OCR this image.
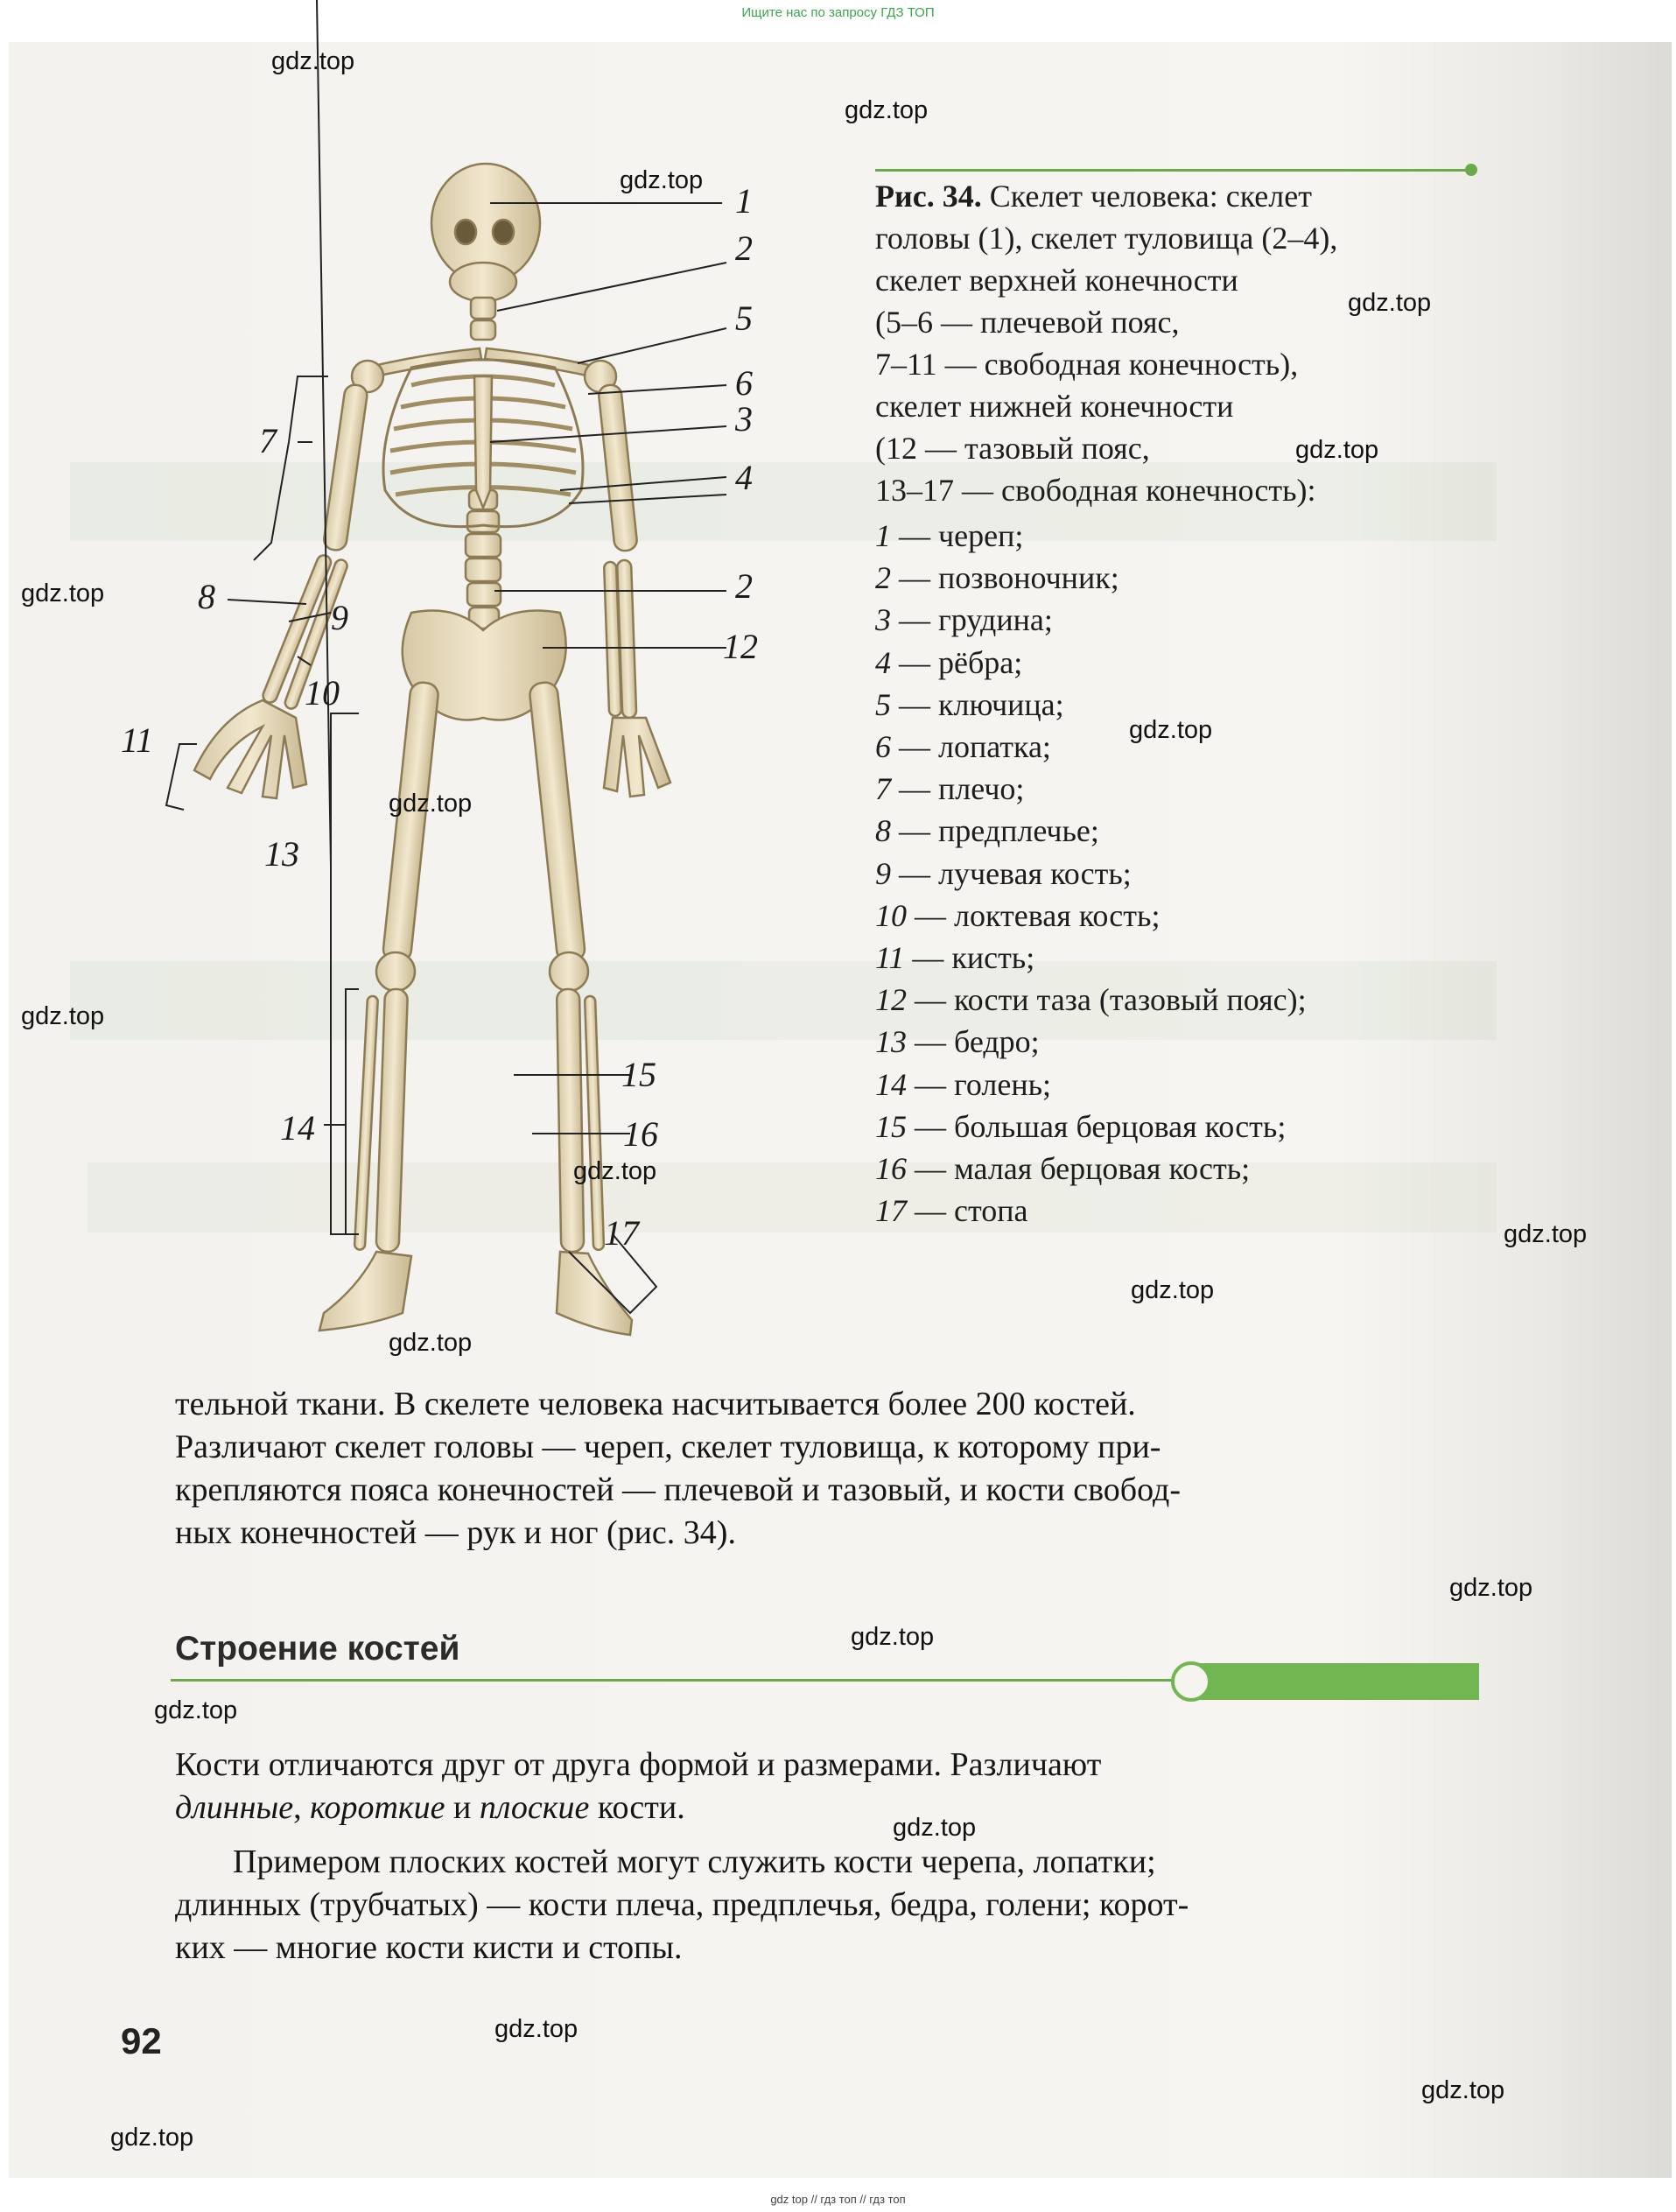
Ищите нас по запросу ГДЗ ТОП
1
2
5
6
3
4
7
2
8
9
12
10
11
13
15
14	16
17
Рис. 34. Скелет человека: скелет
головы (1), скелет туловища (2–4),
скелет верхней конечности
(5–6 — плечевой пояс,
7–11 — свободная конечность),
скелет нижней конечности
(12 — тазовый пояс,
13–17 — свободная конечность):
1 — череп;
2 — позвоночник;
3 — грудина;
4 — рёбра;
5 — ключица;
6 — лопатка;
7 — плечо;
8 — предплечье;
9 — лучевая кость;
10 — локтевая кость;
11 — кисть;
12 — кости таза (тазовый пояс);
13 — бедро;
14 — голень;
15 — большая берцовая кость;
16 — малая берцовая кость;
17 — стопа
тельной ткани. В скелете человека насчитывается более 200 костей.
Различают скелет головы — череп, скелет туловища, к которому при-
крепляются пояса конечностей — плечевой и тазовый, и кости свобод-
ных конечностей — рук и ног (рис. 34).
Строение костей
Кости отличаются друг от друга формой и размерами. Различают
длинные, короткие и плоские кости.
Примером плоских костей могут служить кости черепа, лопатки;
длинных (трубчатых) — кости плеча, предплечья, бедра, голени; корот-
ких — многие кости кисти и стопы.
92
gdz.top
gdz.top
gdz.top
gdz.top
gdz.top
gdz.top
gdz.top
gdz.top
gdz.top
gdz.top
gdz.top
gdz.top
gdz.top
gdz.top
gdz.top
gdz.top
gdz.top
gdz.top
gdz.top
gdz.top
gdz top // гдз топ // гдз топ
